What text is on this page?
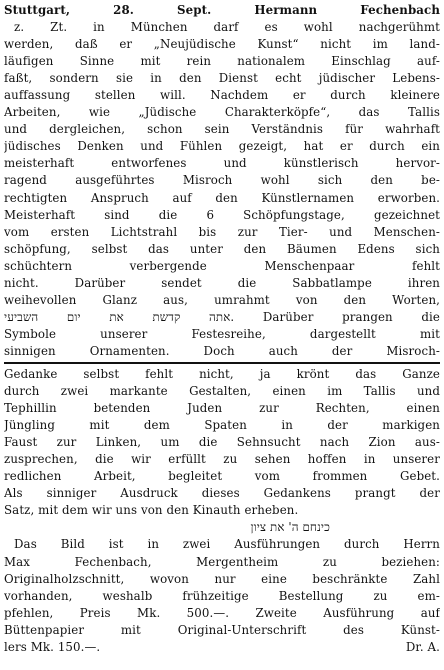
Stuttgart, 28. Sept. Hermann Fechenbach
z. Zt. in München darf es wohl nachgerühmt
werden, daß er „Neujüdische Kunst“ nicht im land-
läufigen Sinne mit rein nationalem Einschlag auf-
faßt, sondern sie in den Dienst echt jüdischer Lebens-
auffassung stellen will. Nachdem er durch kleinere
Arbeiten, wie „Jüdische Charakterköpfe“, das Tallis
und dergleichen, schon sein Verständnis für wahrhaft
jüdisches Denken und Fühlen gezeigt, hat er durch ein
meisterhaft entworfenes und künstlerisch hervor-
ragend ausgeführtes Misroch wohl sich den be-
rechtigten Anspruch auf den Künstlernamen erworben.
Meisterhaft sind die 6 Schöpfungstage, gezeichnet
vom ersten Lichtstrahl bis zur Tier- und Menschen-
schöpfung, selbst das unter den Bäumen Edens sich
schüchtern verbergende Menschenpaar fehlt
nicht. Darüber sendet die Sabbatlampe ihren
weihevollen Glanz aus, umrahmt von den Worten,
אתה קדשת את יום השביעי. Darüber prangen die
Symbole unserer Festesreihe, dargestellt mit
sinnigen Ornamenten. Doch auch der Misroch-
Gedanke selbst fehlt nicht, ja krönt das Ganze
durch zwei markante Gestalten, einen im Tallis und
Tephillin betenden Juden zur Rechten, einen
Jüngling mit dem Spaten in der markigen
Faust zur Linken, um die Sehnsucht nach Zion aus-
zusprechen, die wir erfüllt zu sehen hoffen in unserer
redlichen Arbeit, begleitet vom frommen Gebet.
Als sinniger Ausdruck dieses Gedankens prangt der
Satz, mit dem wir uns von den Kinauth erheben.
כינחם ה' את ציון
Das Bild ist in zwei Ausführungen durch Herrn
Max Fechenbach, Mergentheim zu beziehen:
Originalholzschnitt, wovon nur eine beschränkte Zahl
vorhanden, weshalb frühzeitige Bestellung zu em-
pfehlen, Preis Mk. 500.—. Zweite Ausführung auf
Büttenpapier mit Original-Unterschrift des Künst-
lers Mk. 150.—.	Dr. A.
